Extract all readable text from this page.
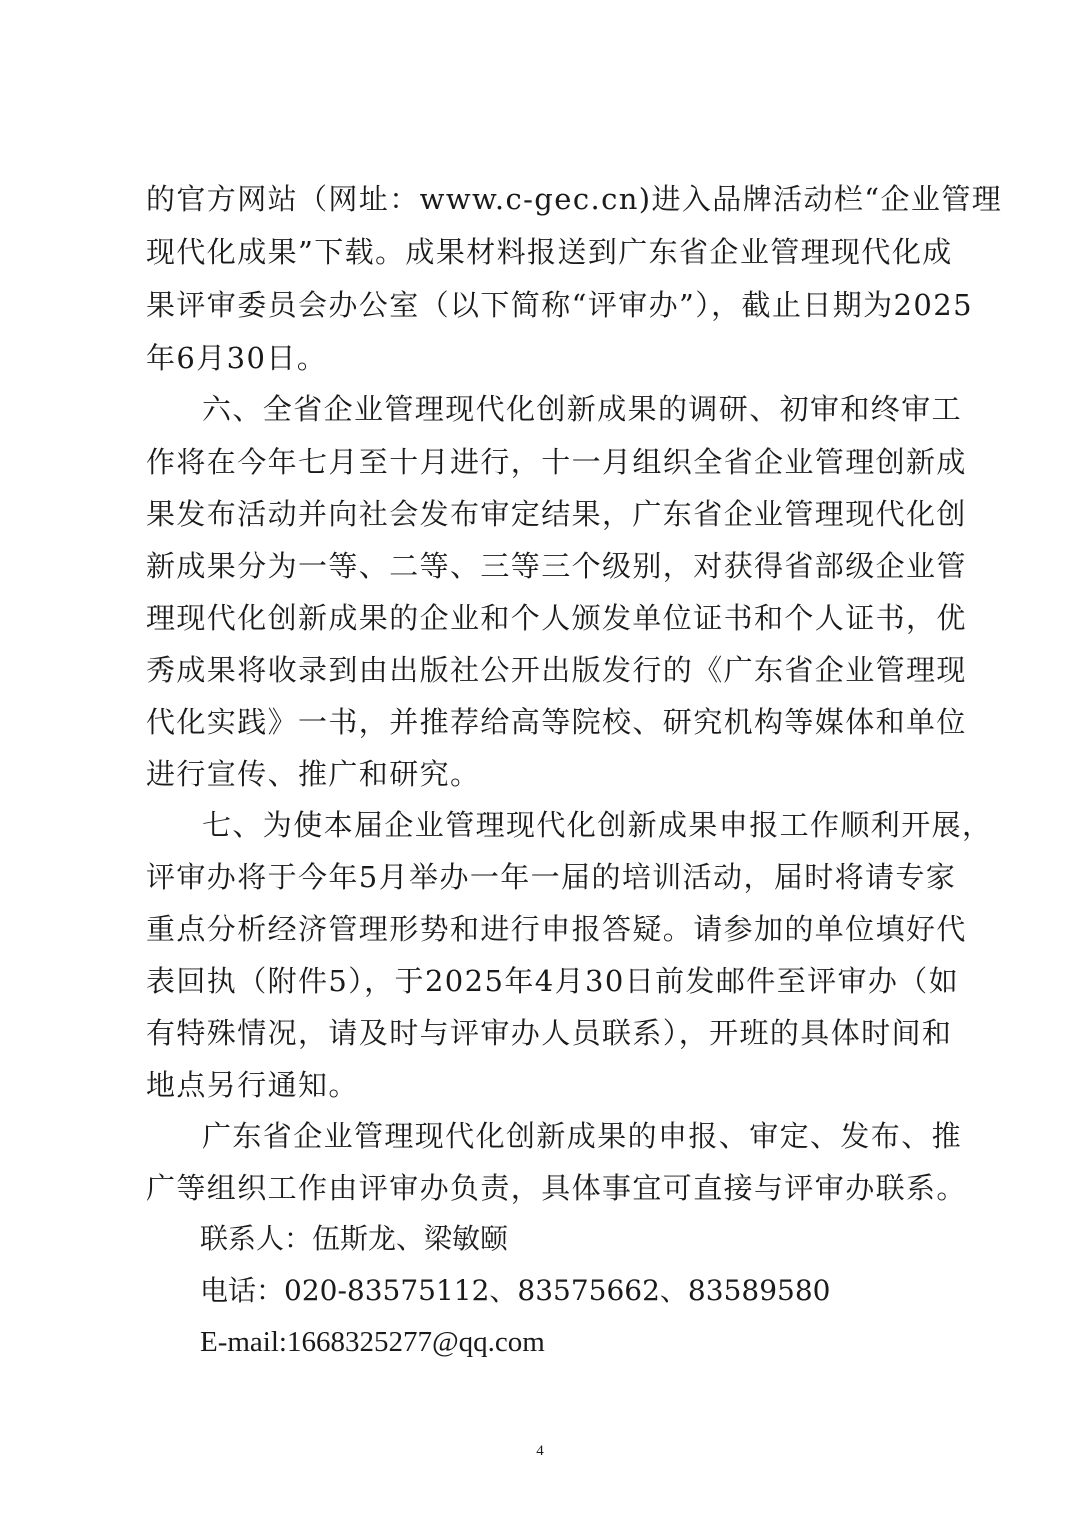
的官方网站（网址：www.c-gec.cn)进入品牌活动栏“企业管理
现代化成果”下载。成果材料报送到广东省企业管理现代化成
果评审委员会办公室（以下简称“评审办”），截止日期为2025
年6月30日。
六、全省企业管理现代化创新成果的调研、初审和终审工
作将在今年七月至十月进行，十一月组织全省企业管理创新成
果发布活动并向社会发布审定结果，广东省企业管理现代化创
新成果分为一等、二等、三等三个级别，对获得省部级企业管
理现代化创新成果的企业和个人颁发单位证书和个人证书，优
秀成果将收录到由出版社公开出版发行的《广东省企业管理现
代化实践》一书，并推荐给高等院校、研究机构等媒体和单位
进行宣传、推广和研究。
七、为使本届企业管理现代化创新成果申报工作顺利开展，
评审办将于今年5月举办一年一届的培训活动，届时将请专家
重点分析经济管理形势和进行申报答疑。请参加的单位填好代
表回执（附件5），于2025年4月30日前发邮件至评审办（如
有特殊情况，请及时与评审办人员联系），开班的具体时间和
地点另行通知。
广东省企业管理现代化创新成果的申报、审定、发布、推
广等组织工作由评审办负责，具体事宜可直接与评审办联系。
联系人：伍斯龙、梁敏颐
电话：020-83575112、83575662、83589580
E-mail:1668325277@qq.com
4
